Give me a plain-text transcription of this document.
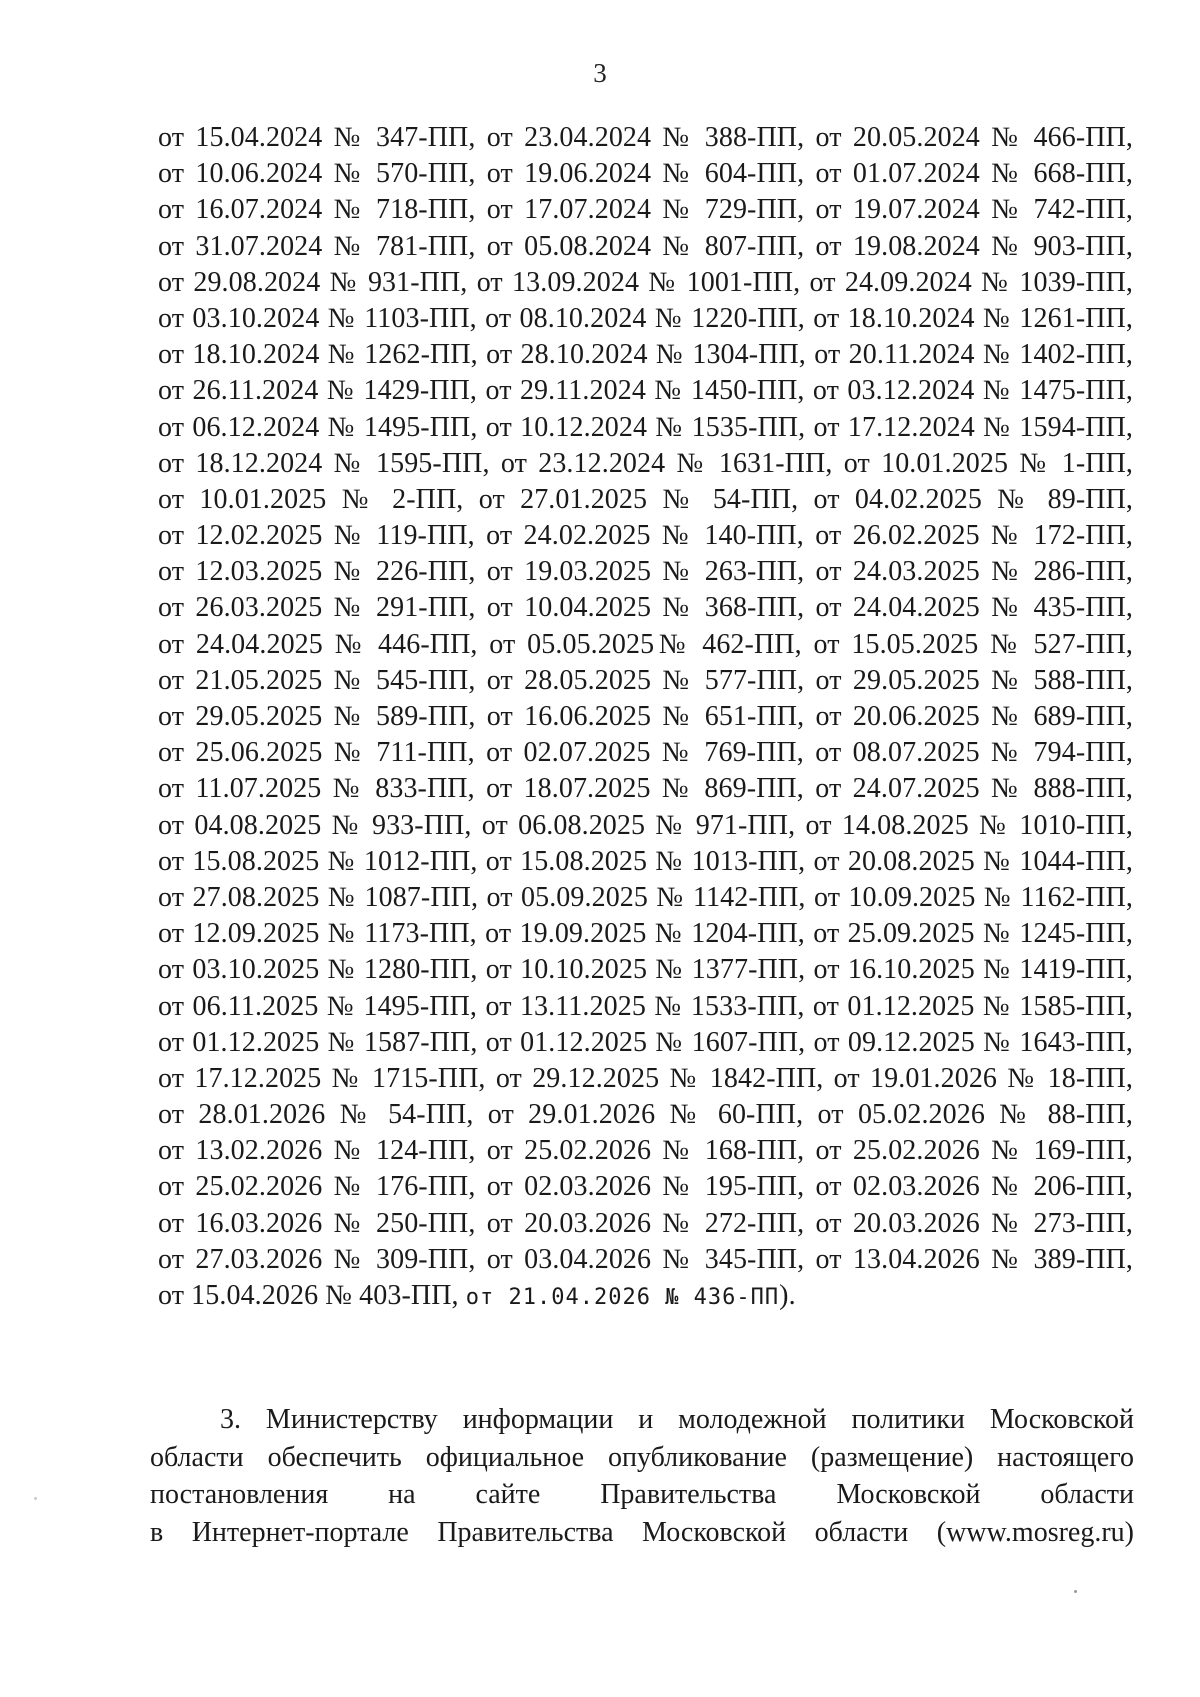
3
от 15.04.2024 № 347-ПП, от 23.04.2024 № 388-ПП, от 20.05.2024 № 466-ПП,
от 10.06.2024 № 570-ПП, от 19.06.2024 № 604-ПП, от 01.07.2024 № 668-ПП,
от 16.07.2024 № 718-ПП, от 17.07.2024 № 729-ПП, от 19.07.2024 № 742-ПП,
от 31.07.2024 № 781-ПП, от 05.08.2024 № 807-ПП, от 19.08.2024 № 903-ПП,
от 29.08.2024 № 931-ПП, от 13.09.2024 № 1001-ПП, от 24.09.2024 № 1039-ПП,
от 03.10.2024 № 1103-ПП, от 08.10.2024 № 1220-ПП, от 18.10.2024 № 1261-ПП,
от 18.10.2024 № 1262-ПП, от 28.10.2024 № 1304-ПП, от 20.11.2024 № 1402-ПП,
от 26.11.2024 № 1429-ПП, от 29.11.2024 № 1450-ПП, от 03.12.2024 № 1475-ПП,
от 06.12.2024 № 1495-ПП, от 10.12.2024 № 1535-ПП, от 17.12.2024 № 1594-ПП,
от 18.12.2024 № 1595-ПП, от 23.12.2024 № 1631-ПП, от 10.01.2025 № 1-ПП,
от 10.01.2025 № 2-ПП, от 27.01.2025 № 54-ПП, от 04.02.2025 № 89-ПП,
от 12.02.2025 № 119-ПП, от 24.02.2025 № 140-ПП, от 26.02.2025 № 172-ПП,
от 12.03.2025 № 226-ПП, от 19.03.2025 № 263-ПП, от 24.03.2025 № 286-ПП,
от 26.03.2025 № 291-ПП, от 10.04.2025 № 368-ПП, от 24.04.2025 № 435-ПП,
от 24.04.2025 № 446-ПП, от 05.05.2025№ 462-ПП, от 15.05.2025 № 527-ПП,
от 21.05.2025 № 545-ПП, от 28.05.2025 № 577-ПП, от 29.05.2025 № 588-ПП,
от 29.05.2025 № 589-ПП, от 16.06.2025 № 651-ПП, от 20.06.2025 № 689-ПП,
от 25.06.2025 № 711-ПП, от 02.07.2025 № 769-ПП, от 08.07.2025 № 794-ПП,
от 11.07.2025 № 833-ПП, от 18.07.2025 № 869-ПП, от 24.07.2025 № 888-ПП,
от 04.08.2025 № 933-ПП, от 06.08.2025 № 971-ПП, от 14.08.2025 № 1010-ПП,
от 15.08.2025 № 1012-ПП, от 15.08.2025 № 1013-ПП, от 20.08.2025 № 1044-ПП,
от 27.08.2025 № 1087-ПП, от 05.09.2025 № 1142-ПП, от 10.09.2025 № 1162-ПП,
от 12.09.2025 № 1173-ПП, от 19.09.2025 № 1204-ПП, от 25.09.2025 № 1245-ПП,
от 03.10.2025 № 1280-ПП, от 10.10.2025 № 1377-ПП, от 16.10.2025 № 1419-ПП,
от 06.11.2025 № 1495-ПП, от 13.11.2025 № 1533-ПП, от 01.12.2025 № 1585-ПП,
от 01.12.2025 № 1587-ПП, от 01.12.2025 № 1607-ПП, от 09.12.2025 № 1643-ПП,
от 17.12.2025 № 1715-ПП, от 29.12.2025 № 1842-ПП, от 19.01.2026 № 18-ПП,
от 28.01.2026 № 54-ПП, от 29.01.2026 № 60-ПП, от 05.02.2026 № 88-ПП,
от 13.02.2026 № 124-ПП, от 25.02.2026 № 168-ПП, от 25.02.2026 № 169-ПП,
от 25.02.2026 № 176-ПП, от 02.03.2026 № 195-ПП, от 02.03.2026 № 206-ПП,
от 16.03.2026 № 250-ПП, от 20.03.2026 № 272-ПП, от 20.03.2026 № 273-ПП,
от 27.03.2026 № 309-ПП, от 03.04.2026 № 345-ПП, от 13.04.2026 № 389-ПП,
от 15.04.2026 № 403-ПП, от 21.04.2026 № 436-ПП).
3. Министерству информации и молодежной политики Московской
области обеспечить официальное опубликование (размещение) настоящего
постановления на сайте Правительства Московской области
в Интернет-портале Правительства Московской области (www.mosreg.ru)
